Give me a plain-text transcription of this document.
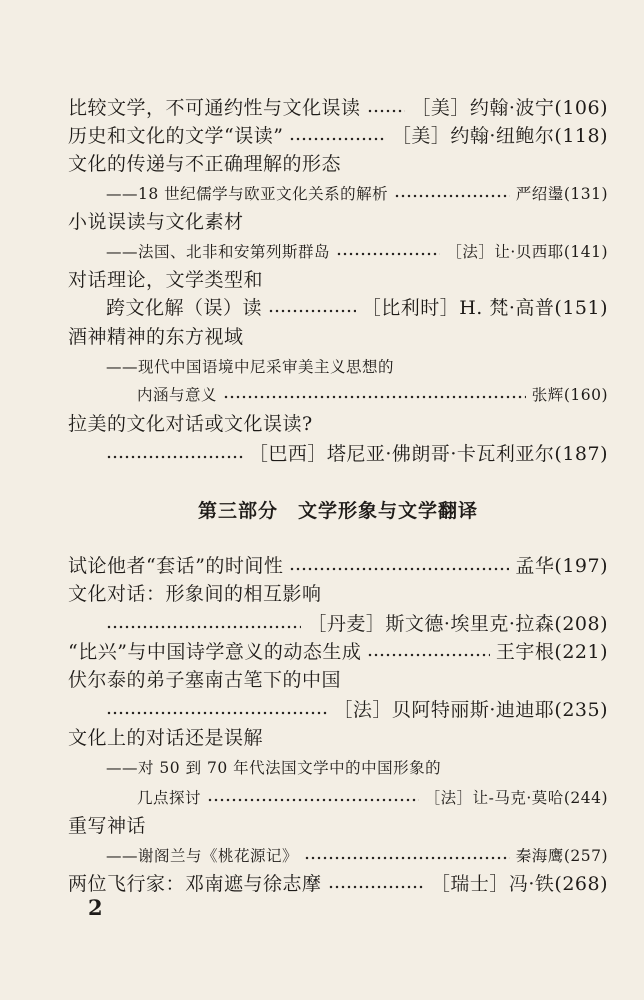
比较文学，不可通约性与文化误读	［美］约翰·波宁 (106)
历史和文化的文学“误读”	［美］约翰·纽鲍尔 (118)
文化的传递与不正确理解的形态
——18 世纪儒学与欧亚文化关系的解析	严绍璗 (131)
小说误读与文化素材
——法国、北非和安第列斯群岛	［法］让·贝西耶 (141)
对话理论，文学类型和
跨文化解（误）读	［比利时］H. 梵·高普 (151)
酒神精神的东方视域
——现代中国语境中尼采审美主义思想的
内涵与意义	张辉 (160)
拉美的文化对话或文化误读?
［巴西］塔尼亚·佛朗哥·卡瓦利亚尔 (187)
第三部分　文学形象与文学翻译
试论他者“套话”的时间性	孟华 (197)
文化对话：形象间的相互影响
［丹麦］斯文德·埃里克·拉森 (208)
“比兴”与中国诗学意义的动态生成	王宇根 (221)
伏尔泰的弟子塞南古笔下的中国
［法］贝阿特丽斯·迪迪耶 (235)
文化上的对话还是误解
——对 50 到 70 年代法国文学中的中国形象的
几点探讨	［法］让-马克·莫哈 (244)
重写神话
——谢阁兰与《桃花源记》	秦海鹰 (257)
两位飞行家：邓南遮与徐志摩	［瑞士］冯·铁 (268)
2
